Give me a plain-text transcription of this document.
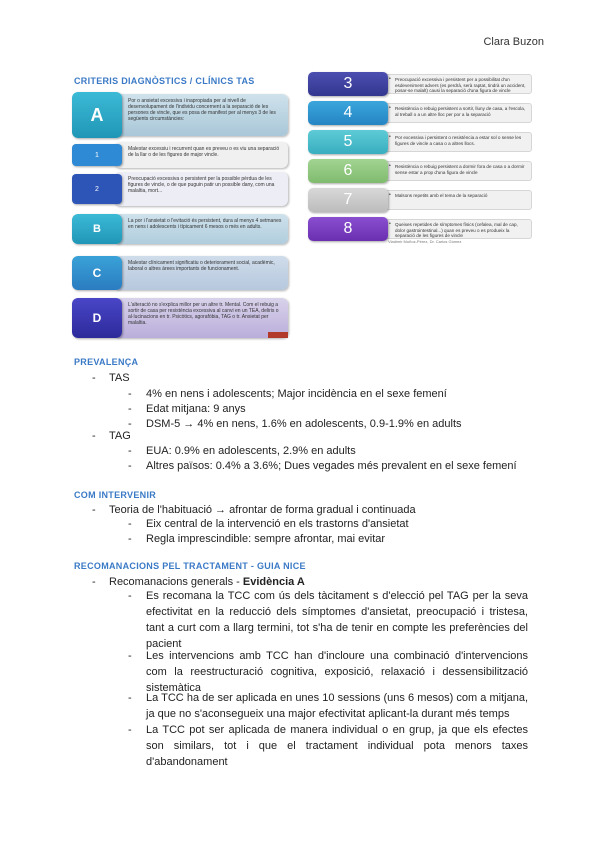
Clara Buzon
CRITERIS DIAGNÒSTICS / CLÍNICS TAS
• Por o ansietat excessiva i inapropiada per al nivell de desenvolupament de l'individu concernent a la separació de les persones de vincle, que es posa de manifest per al menys 3 de les següents circumstàncies:
A
• Malestar excessiu i recurrent quan es preveu o es viu una separació de la llar o de les figures de major vincle.
1
• Preocupació excessiva o persistent per la possible pèrdua de les figures de vincle, o de que puguin patir un possible dany, com una malaltia, mort...
2
• La por i l'ansietat o l'evitació és persistent, dura al menys 4 setmanes en nens i adolescents i típicament 6 mesos o més en adults.
B
• Malestar clínicament significatiu o deteriorament social, acadèmic, laboral o altres àrees importants de funcionament.
C
• L'alteració no s'explica millor per un altre tr. Mental. Com el rebuig a sortir de casa per resistència excessiva al canvi en un TEA, deliris o al·lucinacions en tr. Psicòtics, agorafòbia, TAG o tr. Ansietat per malaltia.
D
• Preocupació excessiva i persistent per a possibilitat d'un esdeveniment advers (es perdrà, serà raptat, tindrà un accident, posar-se malalt) causi la separació d'una figura de vincle
3
• Resistència o rebuig persistent a sortir, lluny de casa, a l'escola, al treball o a un altre lloc per por a la separació
4
• Por excessiva i persistent o resistència a estar sol o sense les figures de vincle a casa o a altres llocs.
5
• Resistència o rebuig persistent a dormir fora de casa o a dormir sense estar a prop d'una figura de vincle
6
• Malsons repetits amb el tema de la separació
7
• Queixes repetides de símptomes físics (cefalea, mal de cap, dolor gastrointestinal...) quan es preveu o es produeix la separació de les figures de vincle
8
Vladimir Muñoz-Pérez, Dr. Carlos Gómez
PREVALENÇA
- TAS
- 4% en nens i adolescents; Major incidència en el sexe femení
- Edat mitjana: 9 anys
- DSM-5 → 4% en nens, 1.6% en adolescents, 0.9-1.9% en adults
- TAG
- EUA: 0.9% en adolescents, 2.9% en adults
- Altres països: 0.4% a 3.6%; Dues vegades més prevalent en el sexe femení
COM INTERVENIR
- Teoria de l'habituació → afrontar de forma gradual i continuada
- Eix central de la intervenció en els trastorns d'ansietat
- Regla imprescindible: sempre afrontar, mai evitar
RECOMANACIONS PEL TRACTAMENT - GUIA NICE
- Recomanacions generals - Evidència A
- Es recomana la TCC com ús dels tàcitament s d'elecció pel TAG per la seva efectivitat en la reducció dels símptomes d'ansietat, preocupació i tristesa, tant a curt com a llarg termini, tot s'ha de tenir en compte les preferències del pacient
- Les intervencions amb TCC han d'incloure una combinació d'intervencions com la reestructuració cognitiva, exposició, relaxació i dessensibilització sistemàtica
- La TCC ha de ser aplicada en unes 10 sessions (uns 6 mesos) com a mitjana, ja que no s'aconsegueix una major efectivitat aplicant-la durant més temps
- La TCC pot ser aplicada de manera individual o en grup, ja que els efectes son similars, tot i que el tractament individual pota menors taxes d'abandonament
